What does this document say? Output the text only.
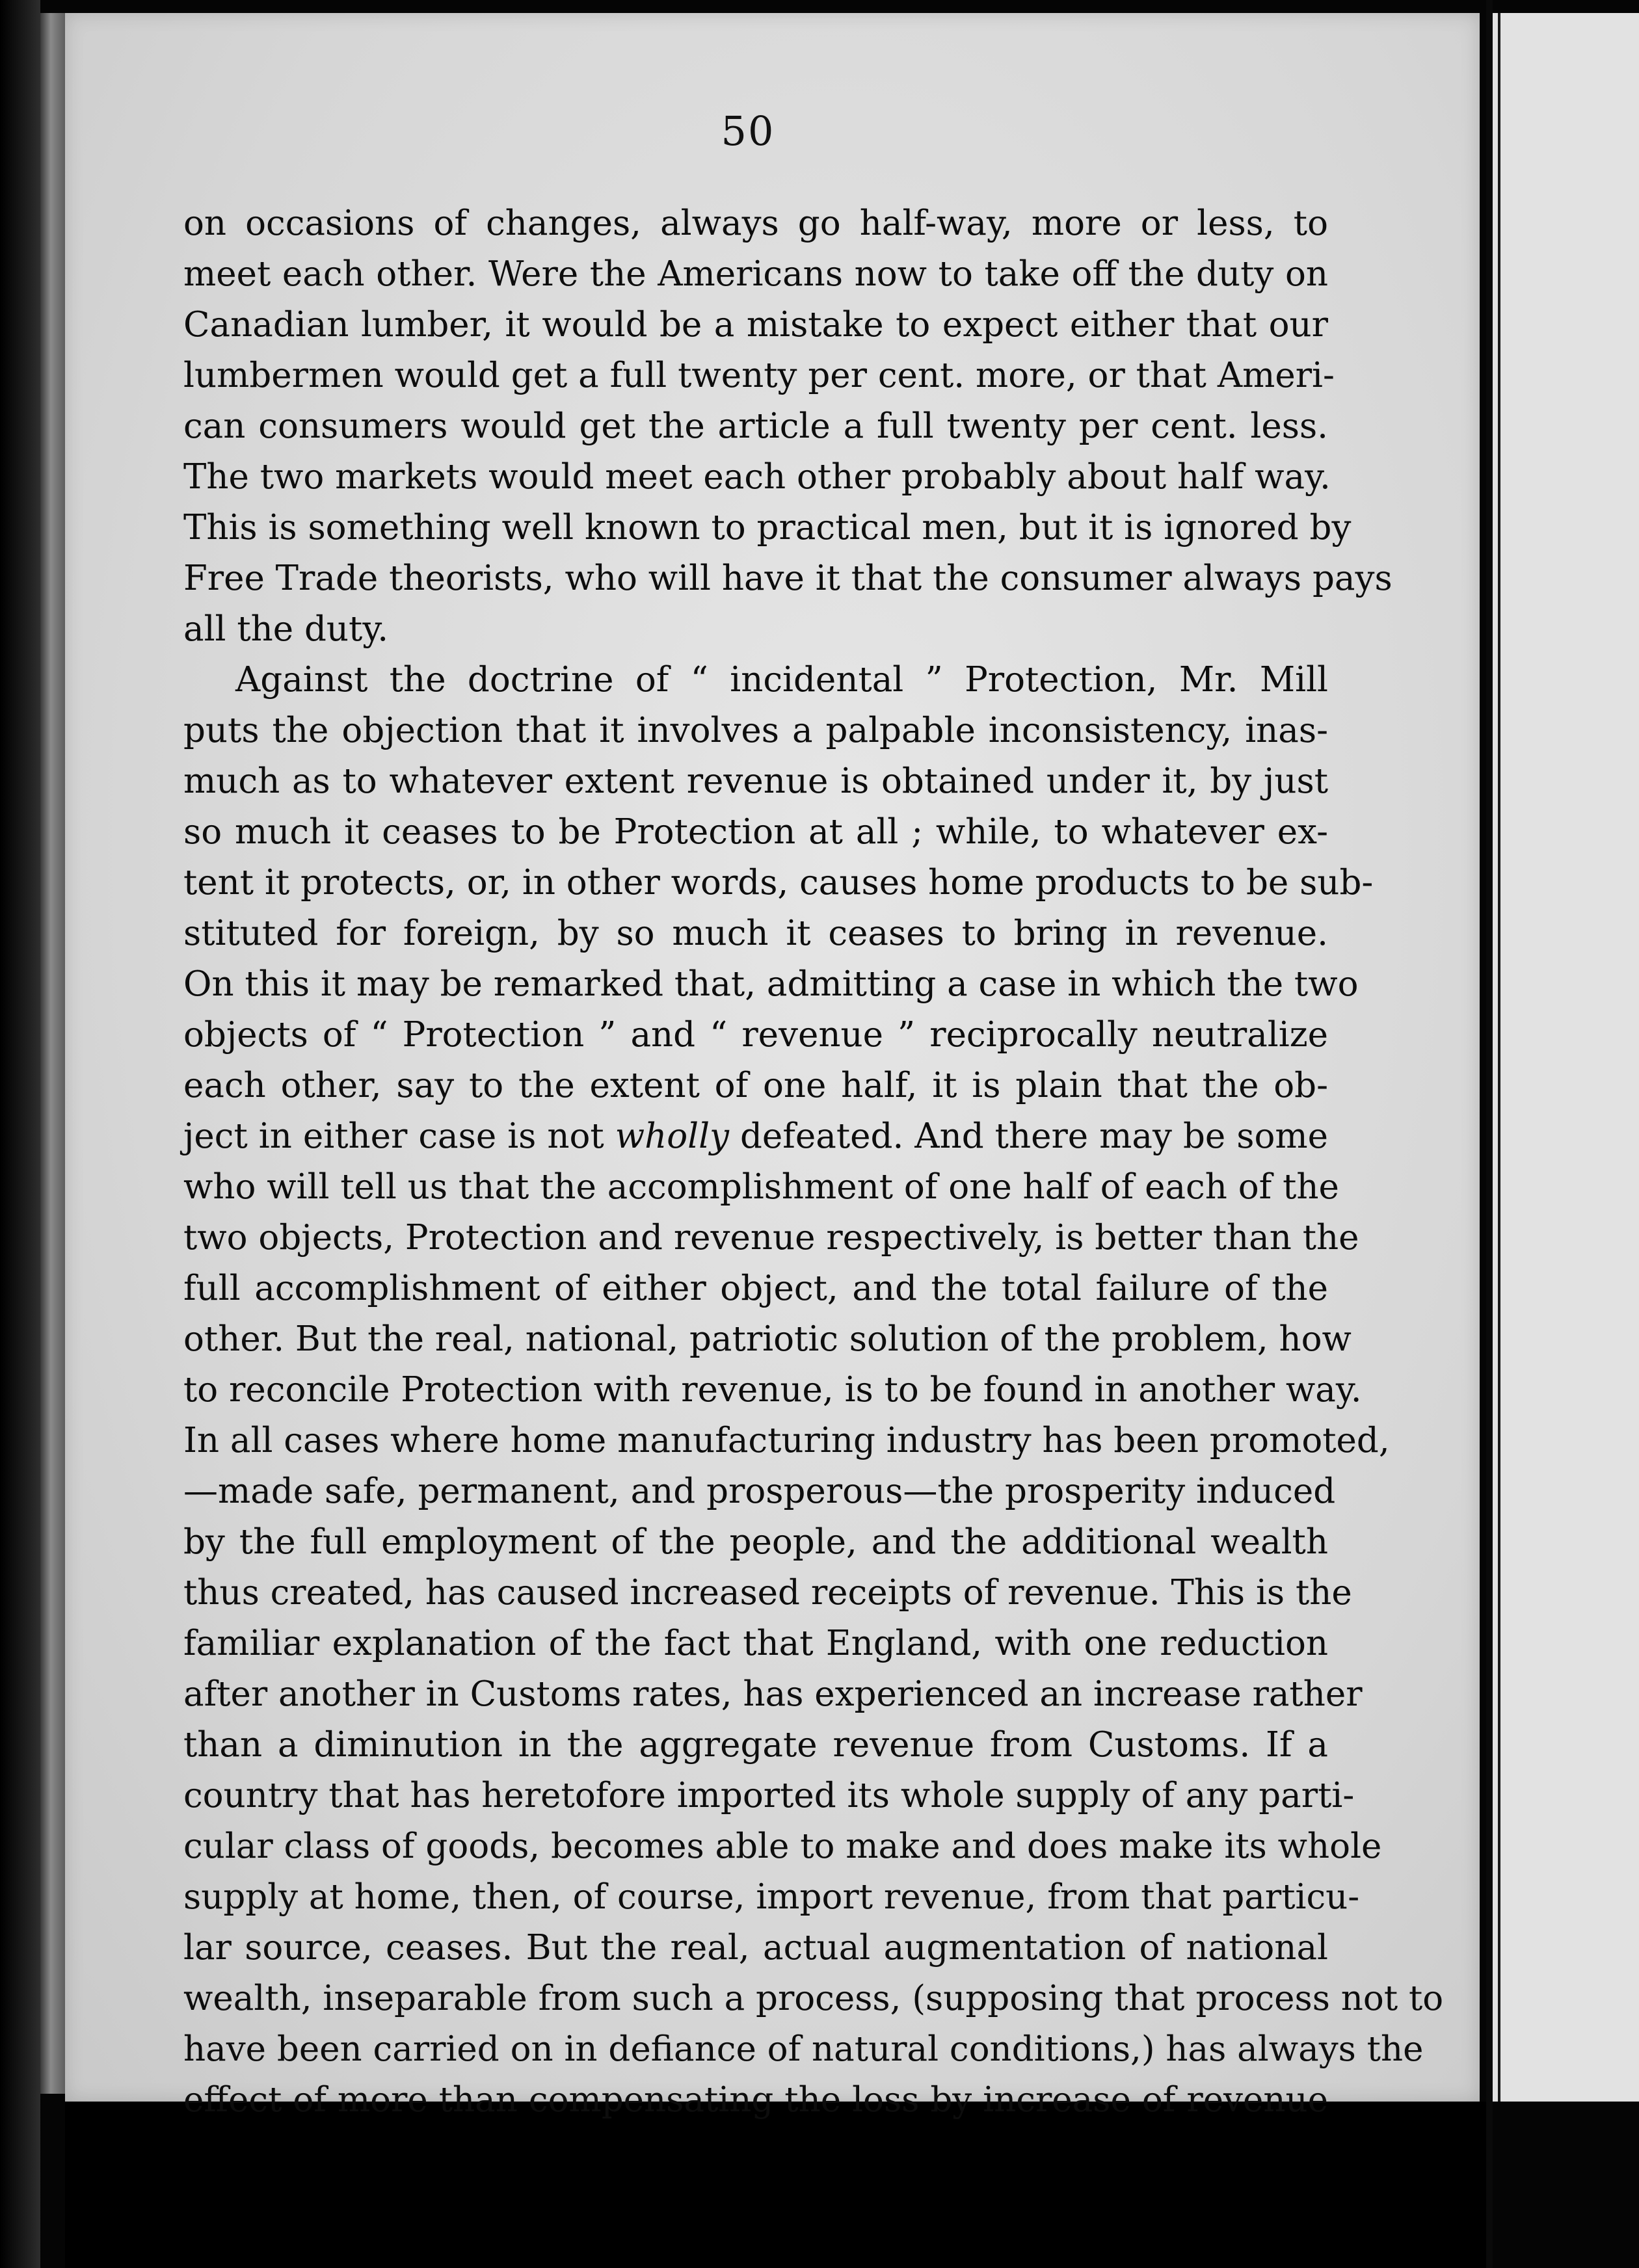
50
on occasions of changes, always go half-way, more or less, to
meet each other. Were the Americans now to take off the duty on
Canadian lumber, it would be a mistake to expect either that our
lumbermen would get a full twenty per cent. more, or that Ameri-
can consumers would get the article a full twenty per cent. less.
The two markets would meet each other probably about half way.
This is something well known to practical men, but it is ignored by
Free Trade theorists, who will have it that the consumer always pays
all the duty.
Against the doctrine of “ incidental ” Protection, Mr. Mill
puts the objection that it involves a palpable inconsistency, inas-
much as to whatever extent revenue is obtained under it, by just
so much it ceases to be Protection at all ; while, to whatever ex-
tent it protects, or, in other words, causes home products to be sub-
stituted for foreign, by so much it ceases to bring in revenue.
On this it may be remarked that, admitting a case in which the two
objects of “ Protection ” and “ revenue ” reciprocally neutralize
each other, say to the extent of one half, it is plain that the ob-
ject in either case is not wholly defeated. And there may be some
who will tell us that the accomplishment of one half of each of the
two objects, Protection and revenue respectively, is better than the
full accomplishment of either object, and the total failure of the
other. But the real, national, patriotic solution of the problem, how
to reconcile Protection with revenue, is to be found in another way.
In all cases where home manufacturing industry has been promoted,
—made safe, permanent, and prosperous—the prosperity induced
by the full employment of the people, and the additional wealth
thus created, has caused increased receipts of revenue. This is the
familiar explanation of the fact that England, with one reduction
after another in Customs rates, has experienced an increase rather
than a diminution in the aggregate revenue from Customs. If a
country that has heretofore imported its whole supply of any parti-
cular class of goods, becomes able to make and does make its whole
supply at home, then, of course, import revenue, from that particu-
lar source, ceases. But the real, actual augmentation of national
wealth, inseparable from such a process, (supposing that process not to
have been carried on in defiance of natural conditions,) has always the
effect of more than compensating the loss by increase of revenue
